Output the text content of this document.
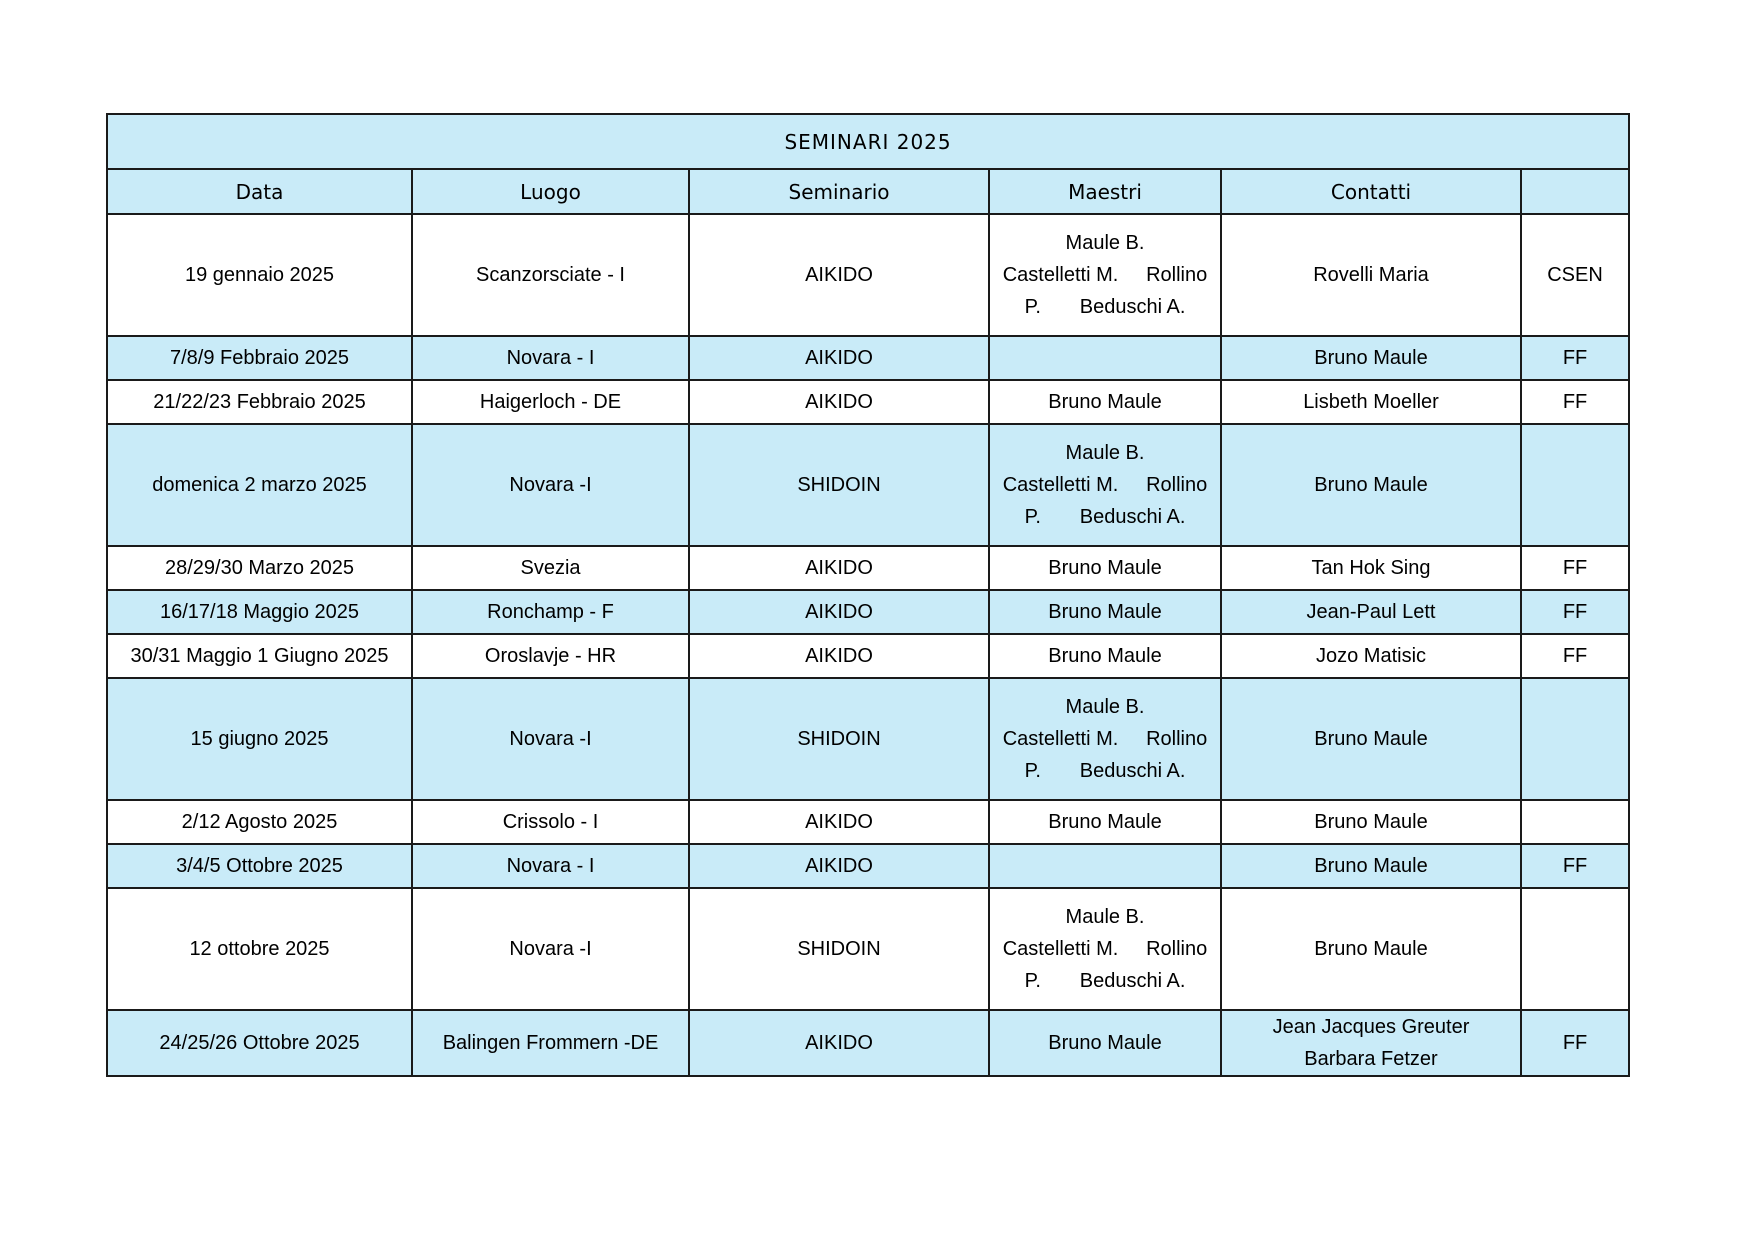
SEMINARI 2025					
Data	Luogo	Seminario	Maestri	Contatti	
19 gennaio 2025	Scanzorsciate - I	AIKIDO	Maule B.
Castelletti M.     Rollino
P.       Beduschi A.	Rovelli Maria	CSEN
7/8/9 Febbraio 2025	Novara - I	AIKIDO		Bruno Maule	FF
21/22/23 Febbraio 2025	Haigerloch - DE	AIKIDO	Bruno Maule	Lisbeth Moeller	FF
domenica 2 marzo 2025	Novara -I	SHIDOIN	Maule B.
Castelletti M.     Rollino
P.       Beduschi A.	Bruno Maule	

28/29/30 Marzo 2025	Svezia	AIKIDO	Bruno Maule	Tan Hok Sing	FF
16/17/18 Maggio 2025	Ronchamp - F	AIKIDO	Bruno Maule	Jean-Paul Lett	FF
30/31 Maggio 1 Giugno 2025	Oroslavje - HR	AIKIDO	Bruno Maule	Jozo Matisic	FF
15 giugno 2025	Novara -I	SHIDOIN	Maule B.
Castelletti M.     Rollino
P.       Beduschi A.	Bruno Maule	

2/12 Agosto 2025	Crissolo - I	AIKIDO	Bruno Maule	Bruno Maule	

3/4/5 Ottobre 2025	Novara - I	AIKIDO		Bruno Maule	FF
12 ottobre 2025	Novara -I	SHIDOIN	Maule B.
Castelletti M.     Rollino
P.       Beduschi A.	Bruno Maule	

24/25/26 Ottobre 2025	Balingen Frommern -DE	AIKIDO	Bruno Maule	Jean Jacques Greuter
Barbara Fetzer	FF
